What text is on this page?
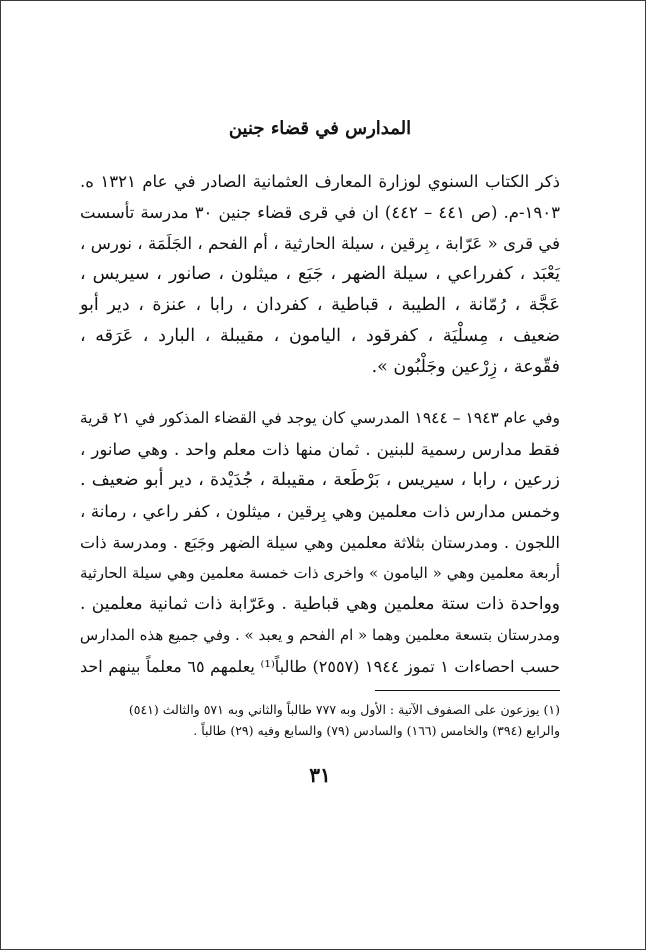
المدارس في قضاء جنين

ذكر الكتاب السنوي لوزارة المعارف العثمانية الصادر في عام ١٣٢١ ه.
١٩٠٣-م. (ص ٤٤١ – ٤٤٢) ان في قرى قضاء جنين ٣٠ مدرسة تأسست
في قرى « عَرّابة ، بِرقين ، سيلة الحارثية ، أم الفحم ، الجَلَمَة ، نورس ،
يَعْبَد ، كفرراعي ، سيلة الضهر ، جَبَع ، ميثلون ، صانور ، سيريس ،
عَجَّة ، رُمّانة ، الطيبة ، قباطية ، كفردان ، رابا ، عنزة ، دير أبو
ضعيف ، مِسلْيَة ، كفرقود ، اليامون ، مقيبلة ، البارد ، عَرَقه ،
فقّوعة ، زِرْعين وجَلْبُون ».

وفي عام ١٩٤٣ – ١٩٤٤ المدرسي كان يوجد في القضاء المذكور في ٢١ قرية
فقط مدارس رسمية للبنين . ثمان منها ذات معلم واحد . وهي صانور ،
زرعين ، رابا ، سيريس ، بَرْطَعة ، مقيبلة ، جُدَيْدة ، دير أبو ضعيف .
وخمس مدارس ذات معلمين وهي بِرقين ، ميثلون ، كفر راعي ، رمانة ،
اللجون . ومدرستان بثلاثة معلمين وهي سيلة الضهر وجَبَع . ومدرسة ذات
أربعة معلمين وهي « اليامون » واخرى ذات خمسة معلمين وهي سيلة الحارثية
وواحدة ذات ستة معلمين وهي قباطية . وعَرّابة ذات ثمانية معلمين .
ومدرستان بتسعة معلمين وهما « ام الفحم و يعبد » . وفي جميع هذه المدارس
حسب احصاءات ١ تموز ١٩٤٤ (٢٥٥٧) طالباً⁽¹⁾ يعلمهم ٦٥ معلماً بينهم احد

(١) يوزعون على الصفوف الآتية : الأول وبه ٧٧٧ طالباً والثاني وبه ٥٧١ والثالث (٥٤١)
والرابع (٣٩٤) والخامس (١٦٦) والسادس (٧٩) والسابع وفيه (٢٩) طالباً .

٣١
